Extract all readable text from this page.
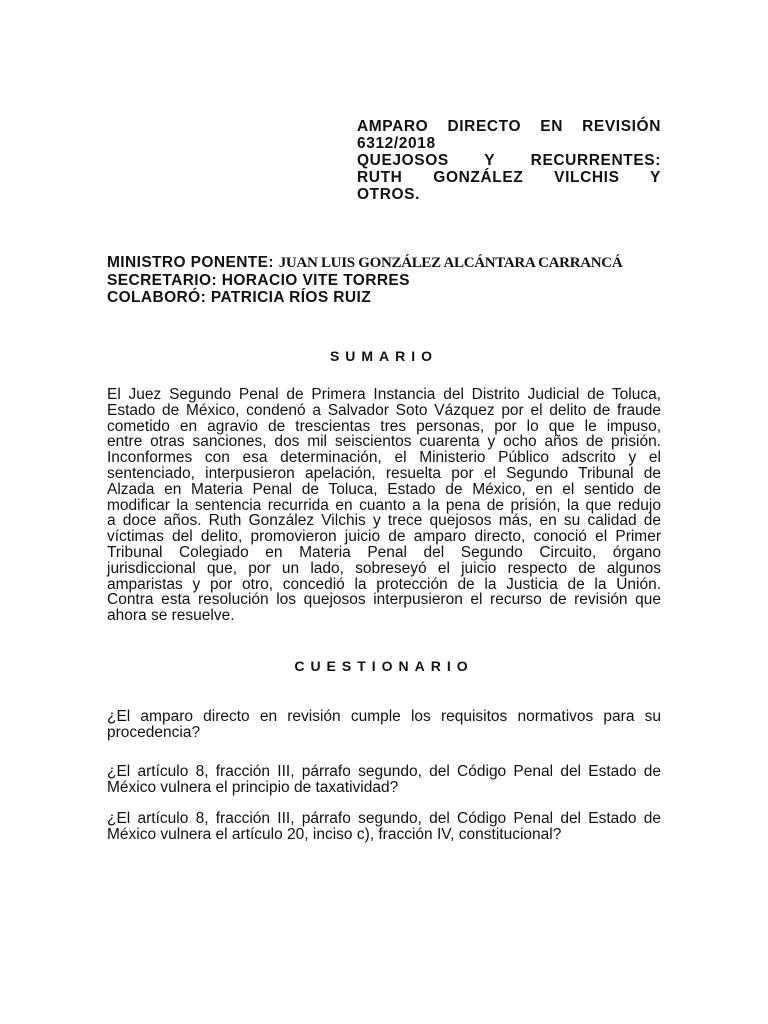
AMPARO DIRECTO EN REVISIÓN
6312/2018
QUEJOSOS Y RECURRENTES:
RUTH GONZÁLEZ VILCHIS Y
OTROS.
MINISTRO PONENTE: JUAN LUIS GONZÁLEZ ALCÁNTARA CARRANCÁ
SECRETARIO: HORACIO VITE TORRES
COLABORÓ: PATRICIA RÍOS RUIZ
SUMARIO
El Juez Segundo Penal de Primera Instancia del Distrito Judicial de Toluca,
Estado de México, condenó a Salvador Soto Vázquez por el delito de fraude
cometido en agravio de trescientas tres personas, por lo que le impuso,
entre otras sanciones, dos mil seiscientos cuarenta y ocho años de prisión.
Inconformes con esa determinación, el Ministerio Público adscrito y el
sentenciado, interpusieron apelación, resuelta por el Segundo Tribunal de
Alzada en Materia Penal de Toluca, Estado de México, en el sentido de
modificar la sentencia recurrida en cuanto a la pena de prisión, la que redujo
a doce años. Ruth González Vilchis y trece quejosos más, en su calidad de
víctimas del delito, promovieron juicio de amparo directo, conoció el Primer
Tribunal Colegiado en Materia Penal del Segundo Circuito, órgano
jurisdiccional que, por un lado, sobreseyó el juicio respecto de algunos
amparistas y por otro, concedió la protección de la Justicia de la Unión.
Contra esta resolución los quejosos interpusieron el recurso de revisión que
ahora se resuelve.
CUESTIONARIO
¿El amparo directo en revisión cumple los requisitos normativos para su
procedencia?
¿El artículo 8, fracción III, párrafo segundo, del Código Penal del Estado de
México vulnera el principio de taxatividad?
¿El artículo 8, fracción III, párrafo segundo, del Código Penal del Estado de
México vulnera el artículo 20, inciso c), fracción IV, constitucional?
